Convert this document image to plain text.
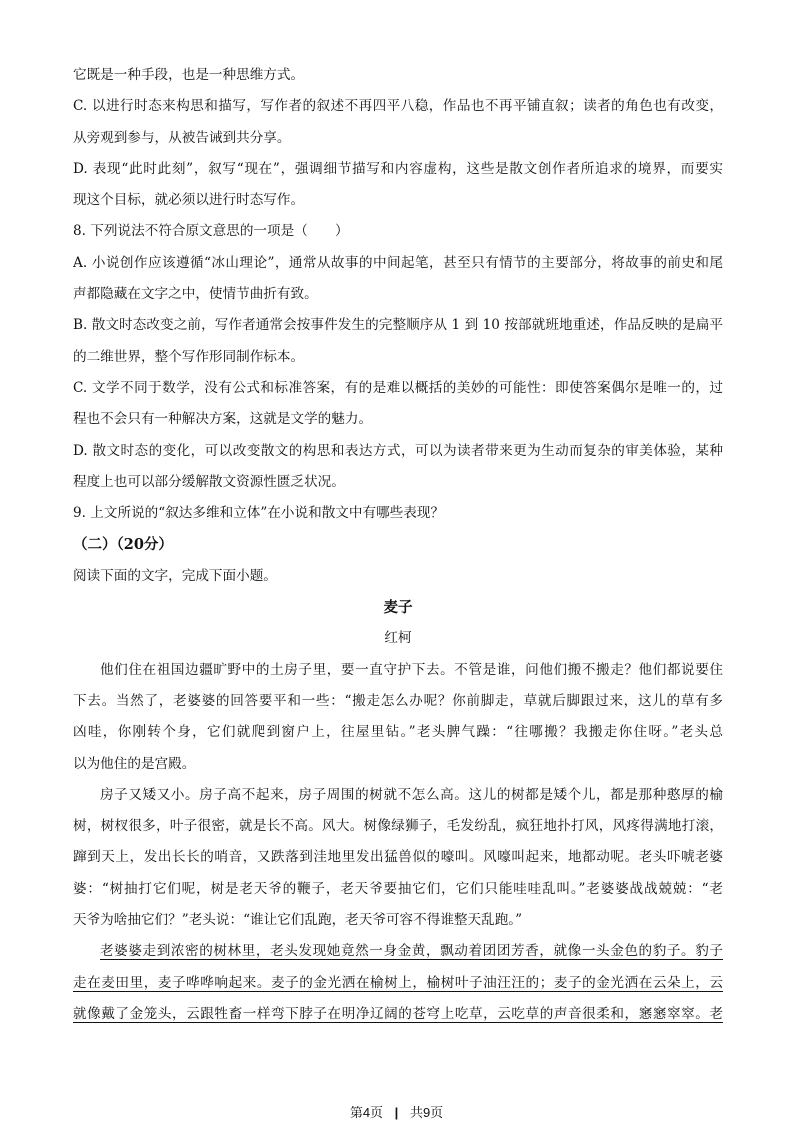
它既是一种手段，也是一种思维方式。
C. 以进行时态来构思和描写，写作者的叙述不再四平八稳，作品也不再平铺直叙；读者的角色也有改变，
从旁观到参与，从被告诫到共分享。
D. 表现“此时此刻”，叙写“现在”，强调细节描写和内容虚构，这些是散文创作者所追求的境界，而要实
现这个目标，就必须以进行时态写作。
8. 下列说法不符合原文意思的一项是（　　）
A. 小说创作应该遵循“冰山理论”，通常从故事的中间起笔，甚至只有情节的主要部分，将故事的前史和尾
声都隐藏在文字之中，使情节曲折有致。
B. 散文时态改变之前，写作者通常会按事件发生的完整顺序从 1 到 10 按部就班地重述，作品反映的是扁平
的二维世界，整个写作形同制作标本。
C. 文学不同于数学，没有公式和标准答案，有的是难以概括的美妙的可能性：即使答案偶尔是唯一的，过
程也不会只有一种解决方案，这就是文学的魅力。
D. 散文时态的变化，可以改变散文的构思和表达方式，可以为读者带来更为生动而复杂的审美体验，某种
程度上也可以部分缓解散文资源性匮乏状况。
9. 上文所说的“叙达多维和立体”在小说和散文中有哪些表现？
（二）（20分）
阅读下面的文字，完成下面小题。
麦子
红柯
他们住在祖国边疆旷野中的土房子里，要一直守护下去。不管是谁，问他们搬不搬走？他们都说要住
下去。当然了，老婆婆的回答要平和一些：“搬走怎么办呢？你前脚走，草就后脚跟过来，这儿的草有多
凶哇，你刚转个身，它们就爬到窗户上，往屋里钻。”老头脾气躁：“往哪搬？我搬走你住呀。”老头总
以为他住的是宫殿。
房子又矮又小。房子高不起来，房子周围的树就不怎么高。这儿的树都是矮个儿，都是那种憨厚的榆
树，树杈很多，叶子很密，就是长不高。风大。树像绿狮子，毛发纷乱，疯狂地扑打风，风疼得满地打滚，
蹿到天上，发出长长的哨音，又跌落到洼地里发出猛兽似的嚎叫。风嚎叫起来，地都动呢。老头吓唬老婆
婆：“树抽打它们呢，树是老天爷的鞭子，老天爷要抽它们，它们只能哇哇乱叫。”老婆婆战战兢兢：“老
天爷为啥抽它们？”老头说：“谁让它们乱跑，老天爷可容不得谁整天乱跑。”
老婆婆走到浓密的树林里，老头发现她竟然一身金黄，飘动着团团芳香，就像一头金色的豹子。豹子
走在麦田里，麦子哗哗响起来。麦子的金光洒在榆树上，榆树叶子油汪汪的；麦子的金光洒在云朵上，云
就像戴了金笼头，云跟牲畜一样弯下脖子在明净辽阔的苍穹上吃草，云吃草的声音很柔和，窸窸窣窣。老
第4页 | 共9页
